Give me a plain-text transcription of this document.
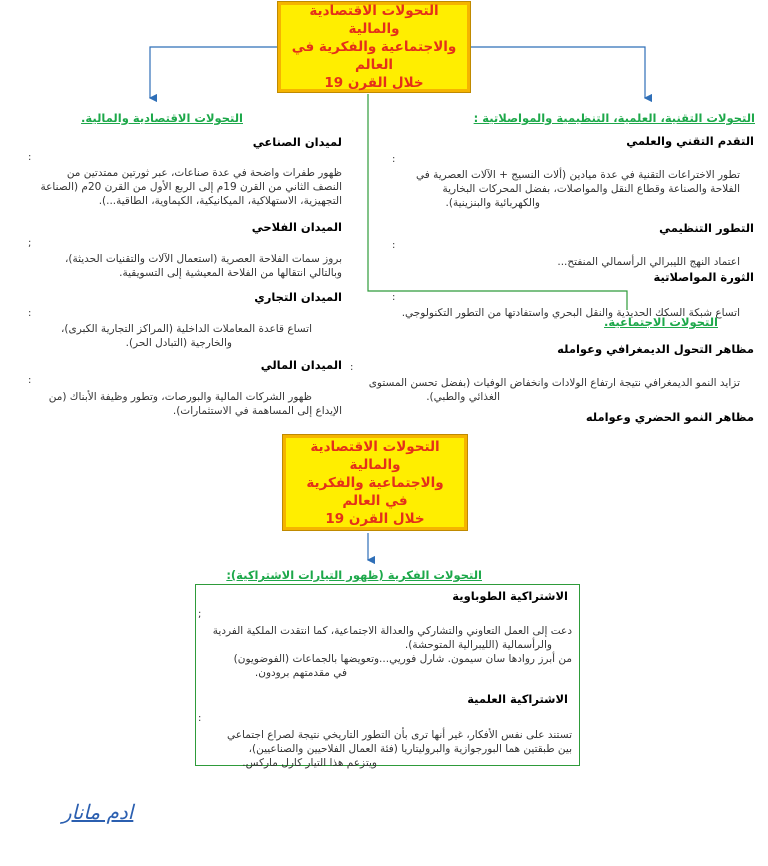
التحولات الاقتصادية والمالية
والاجتماعية والفكرية في العالم
خلال القرن 19
التحولات الاقتصادية والمالية.
لميدان الصناعي
:
ظهور طفرات واضحة في عدة صناعات، عبر ثورتين ممتدتين من
النصف الثاني من القرن 19م إلى الربع الأول من القرن 20م (الصناعة
التجهيزية، الاستهلاكية، الميكانيكية، الكيماوية، الطاقية...).
الميدان الفلاحي
;
بروز سمات الفلاحة العصرية (استعمال الآلات والتقنيات الحديثة)،
وبالتالي انتقالها من الفلاحة المعيشية إلى التسويقية.
الميدان التجاري
:
اتساع قاعدة المعاملات الداخلية (المراكز التجارية الكبرى)،
والخارجية (التبادل الحر).
الميدان المالي
:
ظهور الشركات المالية والبورصات، وتطور وظيفة الأبناك (من
الإيداع إلى المساهمة في الاستثمارات).
التحولات التقنية، العلمية، التنظيمية والمواصلاتية :
التقدم التقني والعلمي
:
تطور الاختراعات التقنية في عدة ميادين (ألات النسيج + الآلات العصرية في
الفلاحة والصناعة وقطاع النقل والمواصلات، بفضل المحركات البخارية
والكهربائية والبنزينية).
التطور التنظيمي
:
اعتماد النهج الليبرالي الرأسمالي المنفتح...
الثورة المواصلاتية
:
اتساع شبكة السكك الحديدية والنقل البحري واستفادتها من التطور التكنولوجي.
التحولات الاجتماعية.
مظاهر التحول الديمغرافي وعوامله
:
تزايد النمو الديمغرافي نتيجة ارتفاع الولادات وانخفاض الوفيات (بفضل تحسن المستوى
الغذائي والطبي).
مظاهر النمو الحضري وعوامله
التحولات الاقتصادية والمالية
والاجتماعية والفكرية في العالم
خلال القرن 19
التحولات الفكرية (ظهور التيارات الاشتراكية):
الاشتراكية الطوباوية
;
دعت إلى العمل التعاوني والتشاركي والعدالة الاجتماعية، كما انتقدت الملكية الفردية
والرأسمالية (الليبرالية المتوحشة).
من أبرز روادها سان سيمون. شارل فوريي...وتعويضها بالجماعات (الفوضويون)
في مقدمتهم برودون.
الاشتراكية العلمية
:
تستند على نفس الأفكار، غير أنها ترى بأن التطور التاريخي نتيجة لصراع اجتماعي
بين طبقتين هما البورجوازية والبروليتاريا (فئة العمال الفلاحيين والصناعيين)،
ويتزعم هذا التيار كارل ماركس.
ادم مانار
